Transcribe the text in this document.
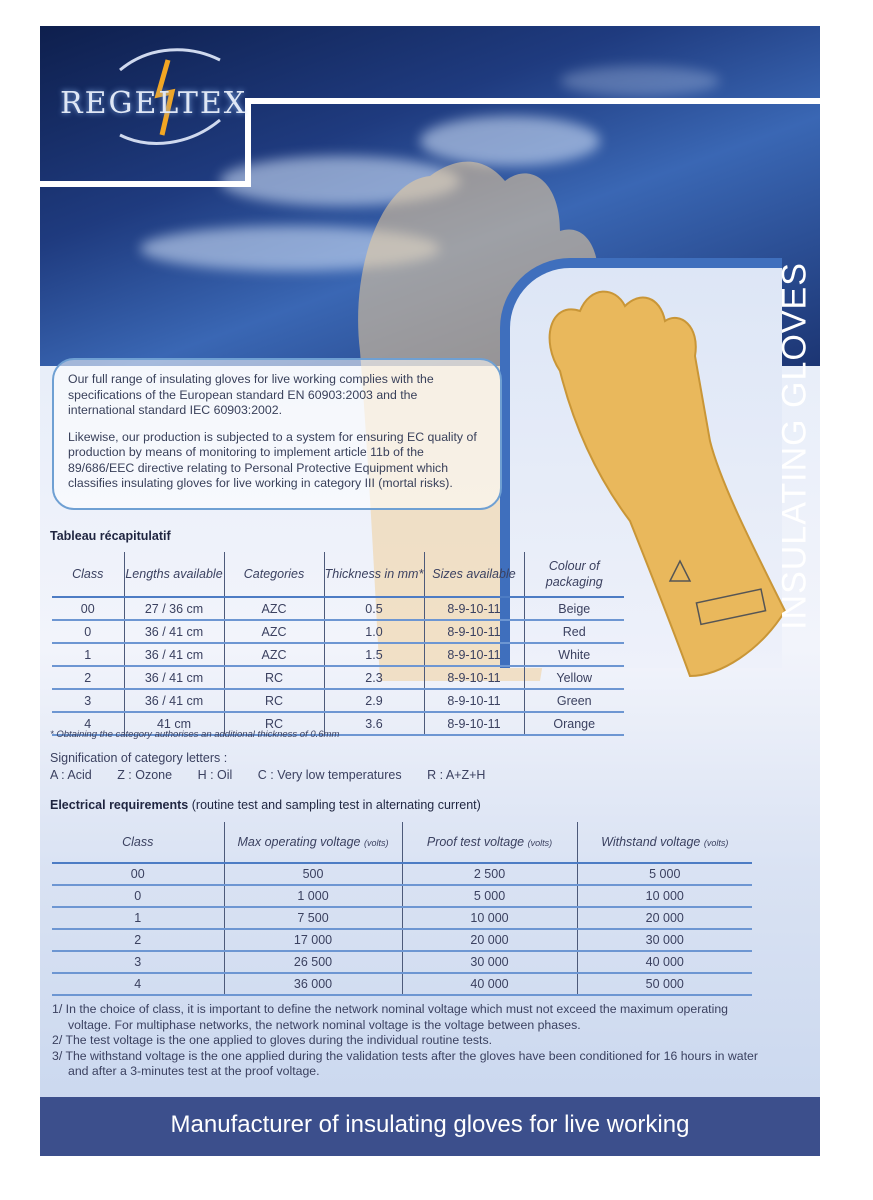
REGELTEX
INSULATING GLOVES

Our full range of insulating gloves for live working complies with the specifications of the European standard EN 60903:2003 and the international standard IEC 60903:2002.

Likewise, our production is subjected to a system for ensuring EC quality of production by means of monitoring to implement article 11b of the 89/686/EEC directive relating to Personal Protective Equipment which classifies insulating gloves for live working in category III (mortal risks).

Tableau récapitulatif
Class	Lengths available	Categories	Thickness in mm*	Sizes available	Colour of packaging
00	27 / 36 cm	AZC	0.5	8-9-10-11	Beige
0	36 / 41 cm	AZC	1.0	8-9-10-11	Red
1	36 / 41 cm	AZC	1.5	8-9-10-11	White
2	36 / 41 cm	RC	2.3	8-9-10-11	Yellow
3	36 / 41 cm	RC	2.9	8-9-10-11	Green
4	41 cm	RC	3.6	8-9-10-11	Orange
* Obtaining the category authorises an additional thickness of 0.6mm
Signification of category letters :
A : Acid Z : Ozone H : Oil C : Very low temperatures R : A+Z+H
Electrical requirements (routine test and sampling test in alternating current)
Class	Max operating voltage (volts)	Proof test voltage (volts)	Withstand voltage (volts)
00	500	2 500	5 000
0	1 000	5 000	10 000
1	7 500	10 000	20 000
2	17 000	20 000	30 000
3	26 500	30 000	40 000
4	36 000	40 000	50 000
1/ In the choice of class, it is important to define the network nominal voltage which must not exceed the maximum operating voltage. For multiphase networks, the network nominal voltage is the voltage between phases.
2/ The test voltage is the one applied to gloves during the individual routine tests.
3/ The withstand voltage is the one applied during the validation tests after the gloves have been conditioned for 16 hours in water and after a 3-minutes test at the proof voltage.
Manufacturer of insulating gloves for live working
